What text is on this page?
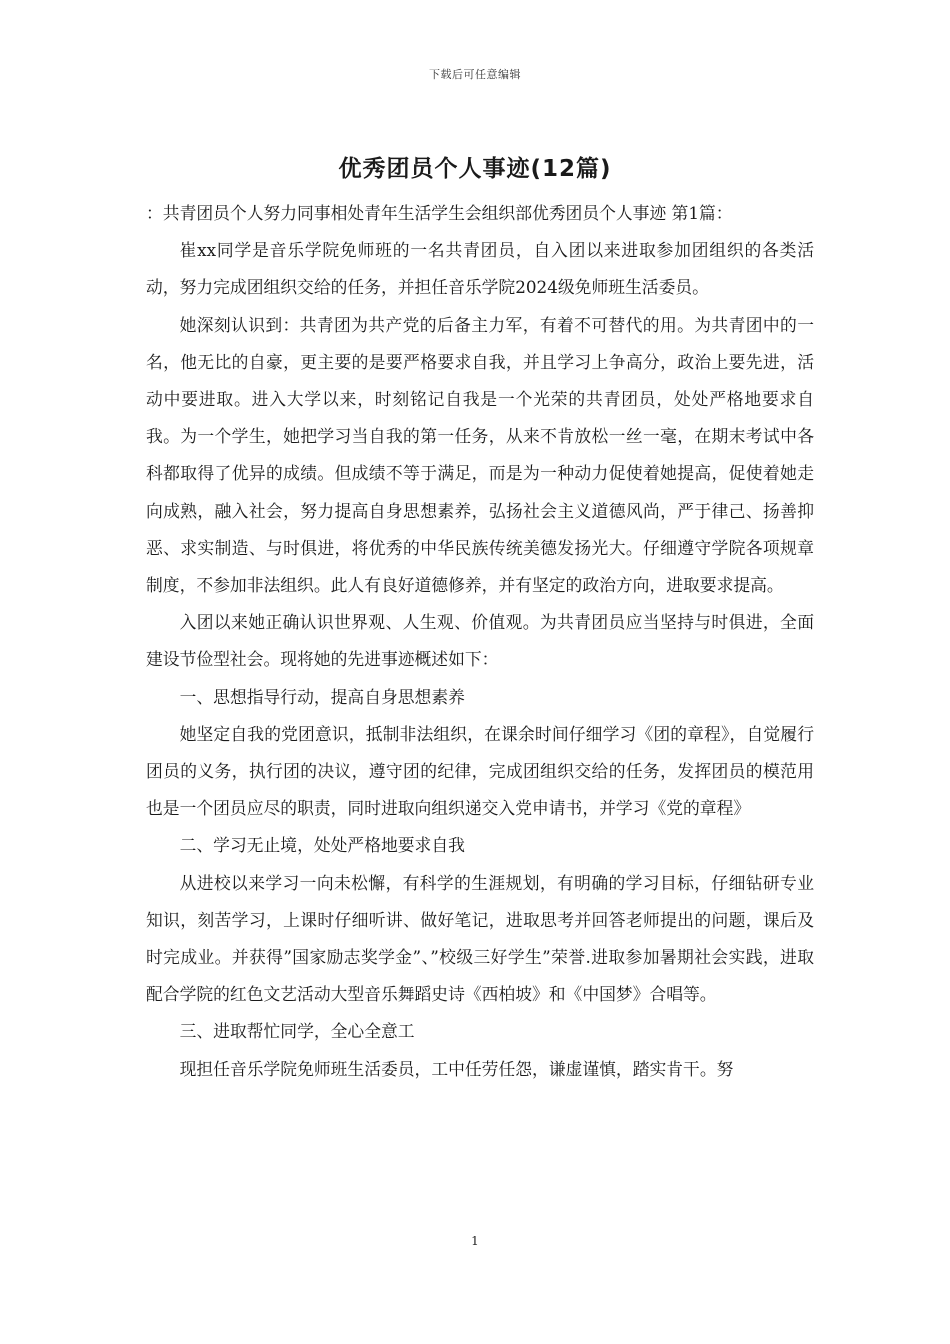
下载后可任意编辑
优秀团员个人事迹(12篇)

：共青团员个人努力同事相处青年生活学生会组织部优秀团员个人事迹 第1篇：

崔xx同学是音乐学院免师班的一名共青团员，自入团以来进取参加团组织的各类活动，努力完成团组织交给的任务，并担任音乐学院2024级免师班生活委员。

她深刻认识到：共青团为共产党的后备主力军，有着不可替代的用。为共青团中的一名，他无比的自豪，更主要的是要严格要求自我，并且学习上争高分，政治上要先进，活动中要进取。进入大学以来，时刻铭记自我是一个光荣的共青团员，处处严格地要求自我。为一个学生，她把学习当自我的第一任务，从来不肯放松一丝一毫，在期末考试中各科都取得了优异的成绩。但成绩不等于满足，而是为一种动力促使着她提高，促使着她走向成熟，融入社会，努力提高自身思想素养，弘扬社会主义道德风尚，严于律己、扬善抑恶、求实制造、与时俱进，将优秀的中华民族传统美德发扬光大。仔细遵守学院各项规章制度，不参加非法组织。此人有良好道德修养，并有坚定的政治方向，进取要求提高。

入团以来她正确认识世界观、人生观、价值观。为共青团员应当坚持与时俱进，全面建设节俭型社会。现将她的先进事迹概述如下：

一、思想指导行动，提高自身思想素养

她坚定自我的党团意识，抵制非法组织，在课余时间仔细学习《团的章程》，自觉履行团员的义务，执行团的决议，遵守团的纪律，完成团组织交给的任务，发挥团员的模范用也是一个团员应尽的职责，同时进取向组织递交入党申请书，并学习《党的章程》

二、学习无止境，处处严格地要求自我

从进校以来学习一向未松懈，有科学的生涯规划，有明确的学习目标，仔细钻研专业知识，刻苦学习，上课时仔细听讲、做好笔记，进取思考并回答老师提出的问题，课后及时完成业。并获得”国家励志奖学金”、”校级三好学生”荣誉.进取参加暑期社会实践，进取配合学院的红色文艺活动大型音乐舞蹈史诗《西柏坡》和《中国梦》合唱等。

三、进取帮忙同学，全心全意工

现担任音乐学院免师班生活委员，工中任劳任怨，谦虚谨慎，踏实肯干。努

1
